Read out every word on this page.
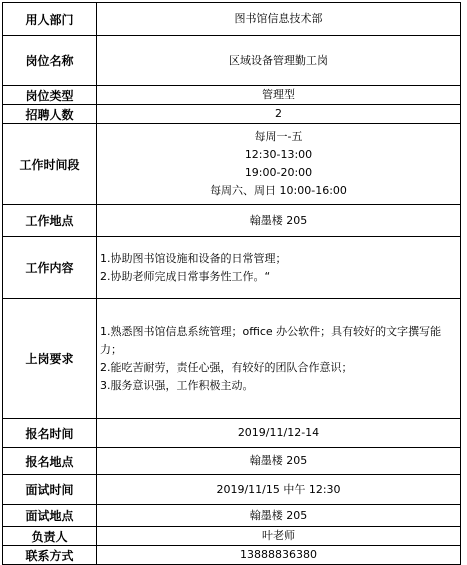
用人部门	图书馆信息技术部
岗位名称	区域设备管理勤工岗
岗位类型	管理型
招聘人数	2
工作时间段	每周一-五
12:30-13:00
19:00-20:00
每周六、周日 10:00-16:00

工作地点	翰墨楼 205
工作内容	1.协助图书馆设施和设备的日常管理；
2.协助老师完成日常事务性工作。“

上岗要求	1.熟悉图书馆信息系统管理；office 办公软件；具有较好的文字撰写能力；
2.能吃苦耐劳，责任心强，有较好的团队合作意识；
3.服务意识强，工作积极主动。

报名时间	2019/11/12-14
报名地点	翰墨楼 205
面试时间	2019/11/15 中午 12:30
面试地点	翰墨楼 205
负责人	叶老师
联系方式	13888836380
